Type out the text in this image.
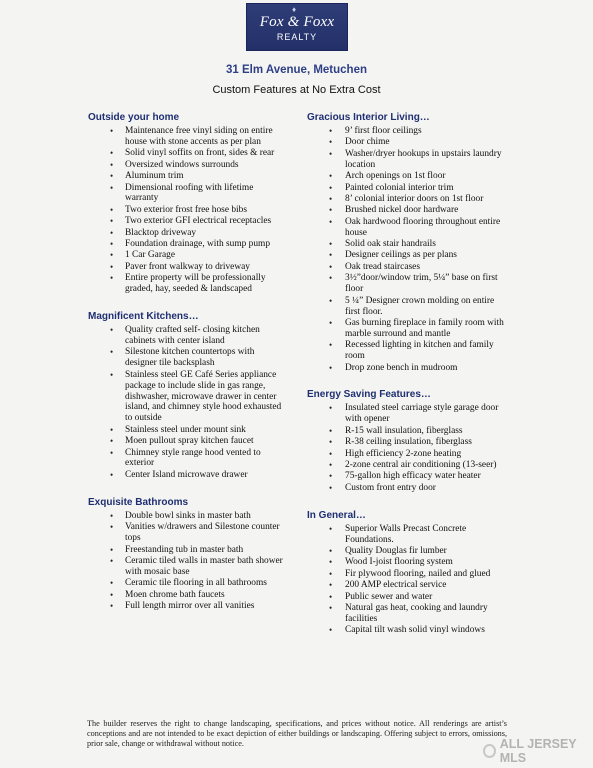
♦
Fox & Foxx
REALTY
31 Elm Avenue, Metuchen
Custom Features at No Extra Cost
Outside your home
• Maintenance free vinyl siding on entire house with stone accents as per plan
• Solid vinyl soffits on front, sides & rear
• Oversized windows surrounds
• Aluminum trim
• Dimensional roofing with lifetime warranty
• Two exterior frost free hose bibs
• Two exterior GFI electrical receptacles
• Blacktop driveway
• Foundation drainage, with sump pump
• 1 Car Garage
• Paver front walkway to driveway
• Entire property will be professionally graded, hay, seeded & landscaped
Magnificent Kitchens…
• Quality crafted self- closing kitchen cabinets with center island
• Silestone kitchen countertops with designer tile backsplash
• Stainless steel GE Café Series appliance package to include slide in gas range, dishwasher, microwave drawer in center island, and chimney style hood exhausted to outside
• Stainless steel under mount sink
• Moen pullout spray kitchen faucet
• Chimney style range hood vented to exterior
• Center Island microwave drawer
Exquisite Bathrooms
• Double bowl sinks in master bath
• Vanities w/drawers and Silestone counter tops
• Freestanding tub in master bath
• Ceramic tiled walls in master bath shower with mosaic base
• Ceramic tile flooring in all bathrooms
• Moen chrome bath faucets
• Full length mirror over all vanities
Gracious Interior Living…
• 9’ first floor ceilings
• Door chime
• Washer/dryer hookups in upstairs laundry location
• Arch openings on 1st floor
• Painted colonial interior trim
• 8’ colonial interior doors on 1st floor
• Brushed nickel door hardware
• Oak hardwood flooring throughout entire house
• Solid oak stair handrails
• Designer ceilings as per plans
• Oak tread staircases
• 3½”door/window trim, 5¼” base on first floor
• 5 ¼” Designer crown molding on entire first floor.
• Gas burning fireplace in family room with marble surround and mantle
• Recessed lighting in kitchen and family room
• Drop zone bench in mudroom
Energy Saving Features…
• Insulated steel carriage style garage door with opener
• R-15 wall insulation, fiberglass
• R-38 ceiling insulation, fiberglass
• High efficiency 2-zone heating
• 2-zone central air conditioning (13-seer)
• 75-gallon high efficacy water heater
• Custom front entry door
In General…
• Superior Walls Precast Concrete Foundations.
• Quality Douglas fir lumber
• Wood I-joist flooring system
• Fir plywood flooring, nailed and glued
• 200 AMP electrical service
• Public sewer and water
• Natural gas heat, cooking and laundry facilities
• Capital tilt wash solid vinyl windows
The builder reserves the right to change landscaping, specifications, and prices without notice. All renderings are artist’s conceptions and are not intended to be exact depiction of either buildings or landscaping. Offering subject to errors, omissions, prior sale, change or withdrawal without notice.	ALL JERSEY MLS
